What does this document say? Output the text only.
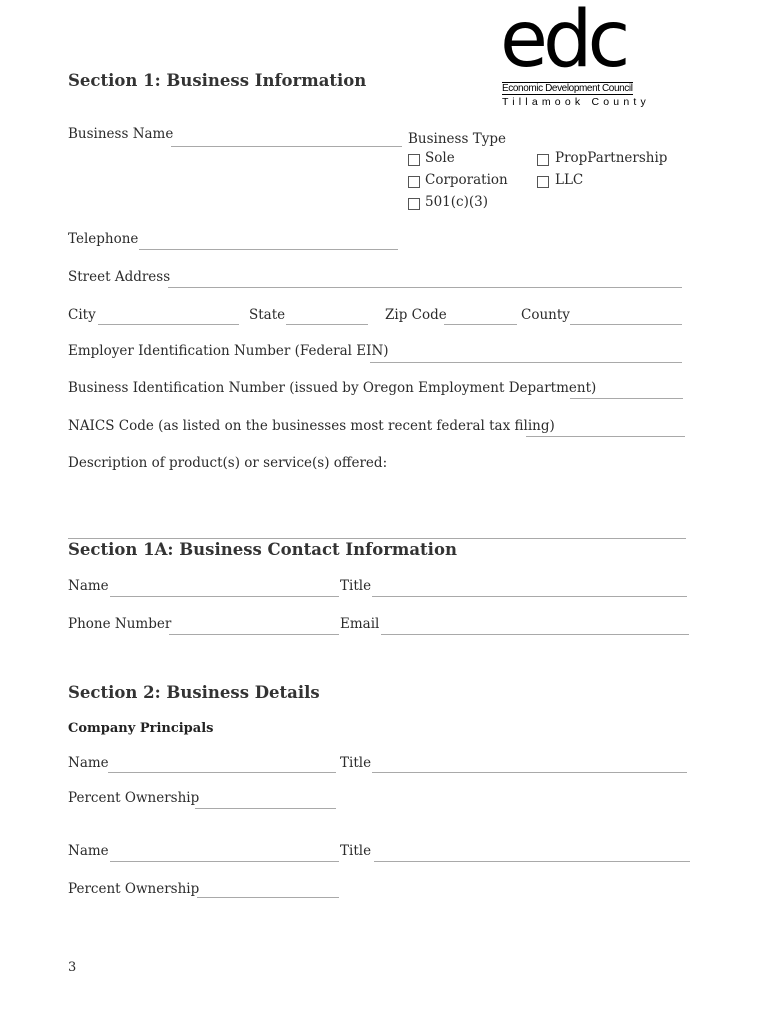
edc
Economic Development Council
Tillamook County
Section 1: Business Information
Business Name	Business Type
Sole	PropPartnership
Corporation	LLC
501(c)(3)
Telephone
Street Address
City	State	Zip Code	County
Employer Identification Number (Federal EIN)
Business Identification Number (issued by Oregon Employment Department)
NAICS Code (as listed on the businesses most recent federal tax filing)
Description of product(s) or service(s) offered:
Section 1A: Business Contact Information
Name	Title
Phone Number	Email
Section 2: Business Details
Company Principals
Name	Title
Percent Ownership
Name	Title
Percent Ownership
3
